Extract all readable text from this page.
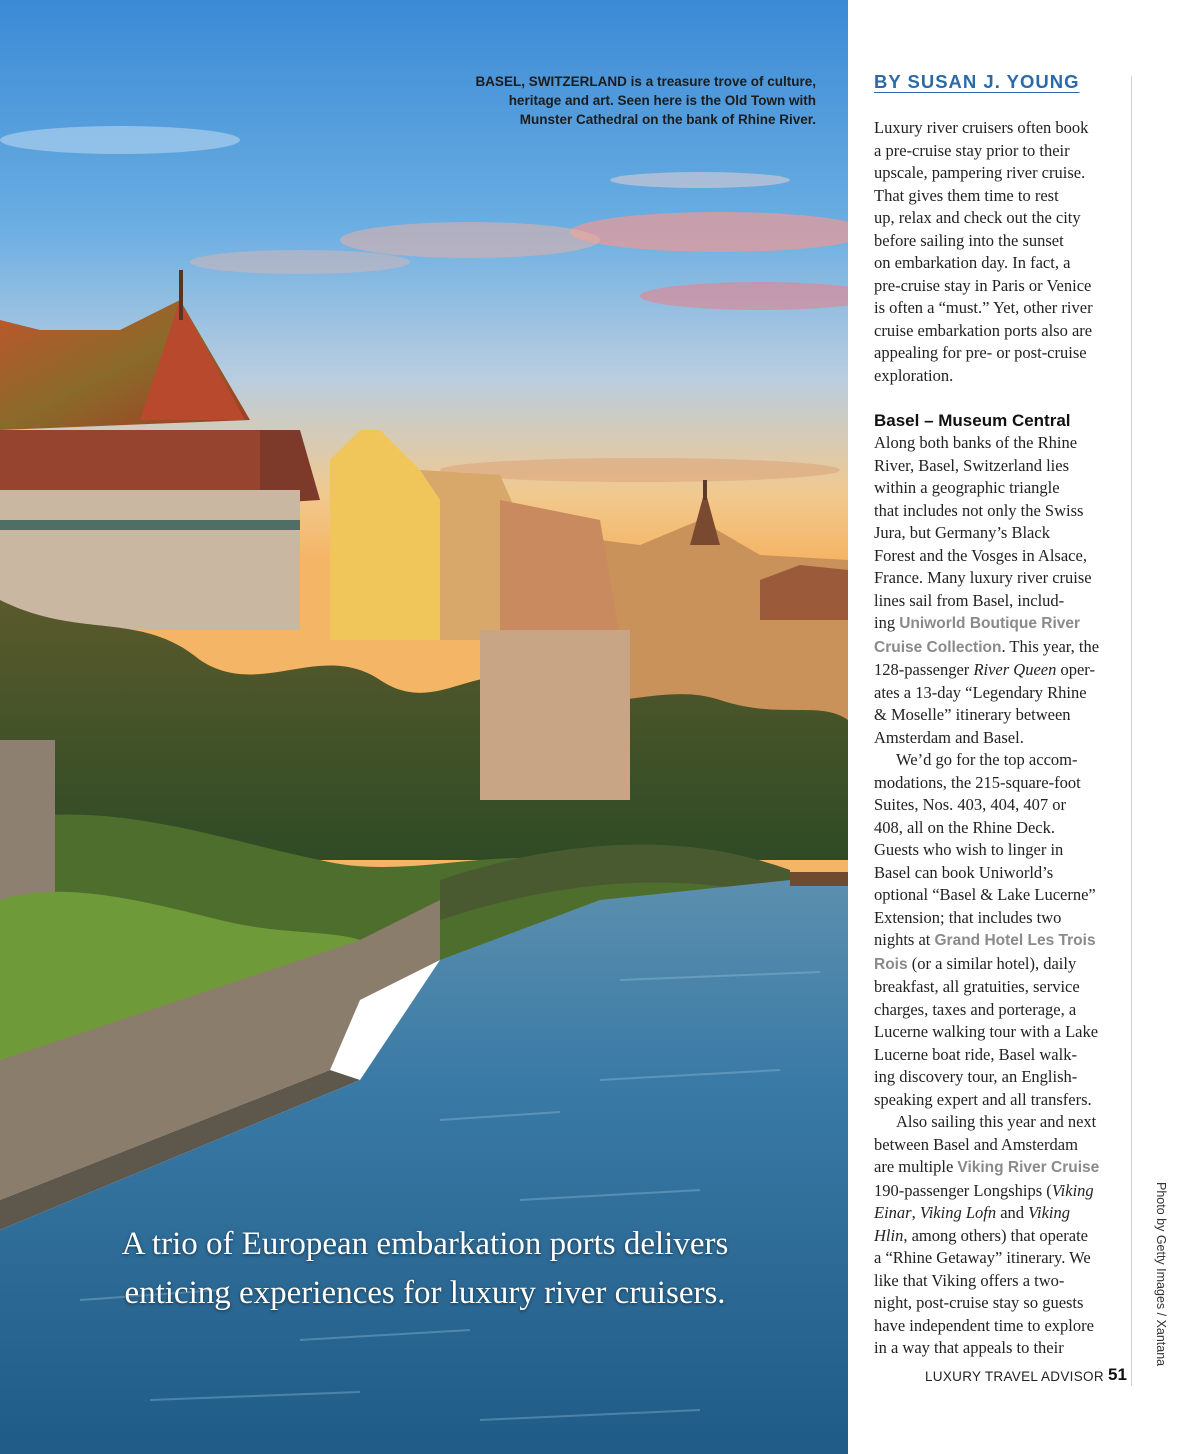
BASEL, SWITZERLAND is a treasure trove of culture,
heritage and art. Seen here is the Old Town with
Munster Cathedral on the bank of Rhine River.
A trio of European embarkation ports delivers
enticing experiences for luxury river cruisers.
BY SUSAN J. YOUNG
Luxury river cruisers often book
a pre-cruise stay prior to their
upscale, pampering river cruise.
That gives them time to rest
up, relax and check out the city
before sailing into the sunset
on embarkation day. In fact, a
pre-cruise stay in Paris or Venice
is often a “must.” Yet, other river
cruise embarkation ports also are
appealing for pre- or post-cruise
exploration.
Basel – Museum Central
Along both banks of the Rhine
River, Basel, Switzerland lies
within a geographic triangle
that includes not only the Swiss
Jura, but Germany’s Black
Forest and the Vosges in Alsace,
France. Many luxury river cruise
lines sail from Basel, includ-
ing Uniworld Boutique River
Cruise Collection. This year, the
128-passenger River Queen oper-
ates a 13-day “Legendary Rhine
& Moselle” itinerary between
Amsterdam and Basel.
We’d go for the top accom-
modations, the 215-square-foot
Suites, Nos. 403, 404, 407 or
408, all on the Rhine Deck.
Guests who wish to linger in
Basel can book Uniworld’s
optional “Basel & Lake Lucerne”
Extension; that includes two
nights at Grand Hotel Les Trois
Rois (or a similar hotel), daily
breakfast, all gratuities, service
charges, taxes and porterage, a
Lucerne walking tour with a Lake
Lucerne boat ride, Basel walk-
ing discovery tour, an English-
speaking expert and all transfers.
Also sailing this year and next
between Basel and Amsterdam
are multiple Viking River Cruise
190-passenger Longships (Viking
Einar, Viking Lofn and Viking
Hlin, among others) that operate
a “Rhine Getaway” itinerary. We
like that Viking offers a two-
night, post-cruise stay so guests
have independent time to explore
in a way that appeals to their	Photo by Getty Images / Xantana
LUXURY TRAVEL ADVISOR 51
